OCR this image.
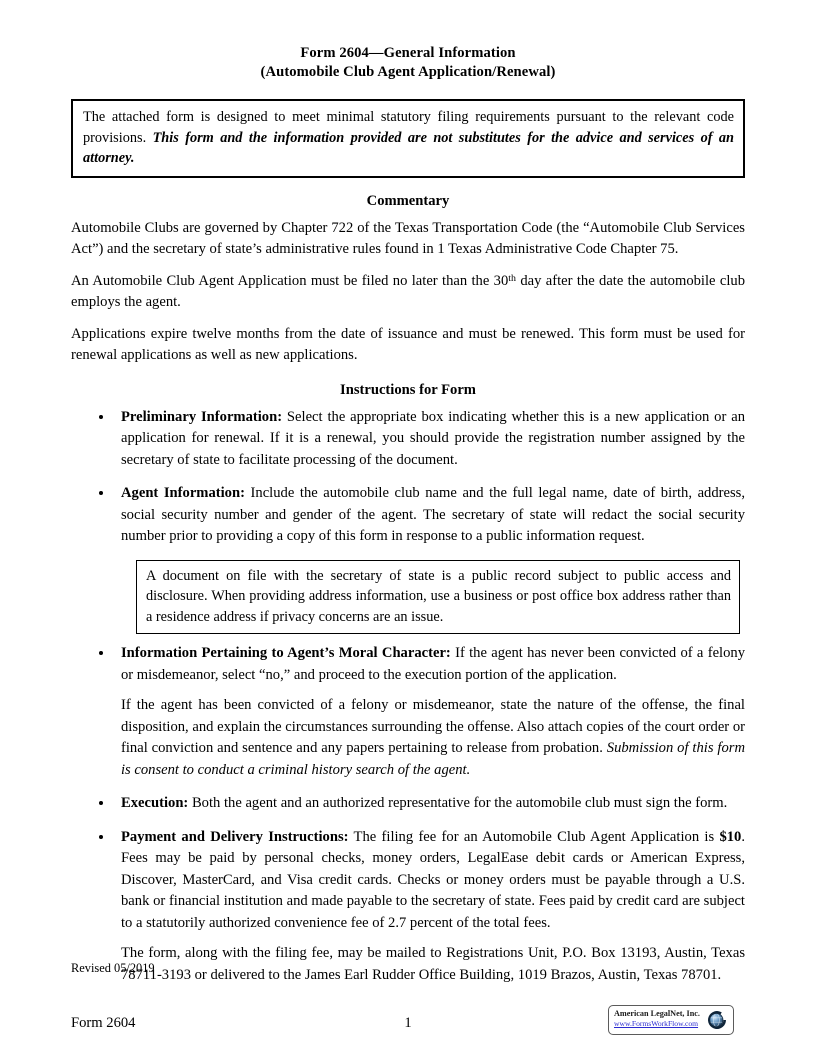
Form 2604—General Information
(Automobile Club Agent Application/Renewal)

The attached form is designed to meet minimal statutory filing requirements pursuant to the relevant code provisions. This form and the information provided are not substitutes for the advice and services of an attorney.

Commentary

Automobile Clubs are governed by Chapter 722 of the Texas Transportation Code (the “Automobile Club Services Act”) and the secretary of state’s administrative rules found in 1 Texas Administrative Code Chapter 75.

An Automobile Club Agent Application must be filed no later than the 30th day after the date the automobile club employs the agent.

Applications expire twelve months from the date of issuance and must be renewed. This form must be used for renewal applications as well as new applications.

Instructions for Form

Preliminary Information: Select the appropriate box indicating whether this is a new application or an application for renewal. If it is a renewal, you should provide the registration number assigned by the secretary of state to facilitate processing of the document.

Agent Information: Include the automobile club name and the full legal name, date of birth, address, social security number and gender of the agent. The secretary of state will redact the social security number prior to providing a copy of this form in response to a public information request.

A document on file with the secretary of state is a public record subject to public access and disclosure. When providing address information, use a business or post office box address rather than a residence address if privacy concerns are an issue.

Information Pertaining to Agent’s Moral Character: If the agent has never been convicted of a felony or misdemeanor, select “no,” and proceed to the execution portion of the application.

If the agent has been convicted of a felony or misdemeanor, state the nature of the offense, the final disposition, and explain the circumstances surrounding the offense. Also attach copies of the court order or final conviction and sentence and any papers pertaining to release from probation. Submission of this form is consent to conduct a criminal history search of the agent.

Execution: Both the agent and an authorized representative for the automobile club must sign the form.

Payment and Delivery Instructions: The filing fee for an Automobile Club Agent Application is $10. Fees may be paid by personal checks, money orders, LegalEase debit cards or American Express, Discover, MasterCard, and Visa credit cards. Checks or money orders must be payable through a U.S. bank or financial institution and made payable to the secretary of state. Fees paid by credit card are subject to a statutorily authorized convenience fee of 2.7 percent of the total fees.

The form, along with the filing fee, may be mailed to Registrations Unit, P.O. Box 13193, Austin, Texas 78711-3193 or delivered to the James Earl Rudder Office Building, 1019 Brazos, Austin, Texas 78701.

Revised 05/2019
1
Form 2604
American LegalNet, Inc.
www.FormsWorkFlow.com
